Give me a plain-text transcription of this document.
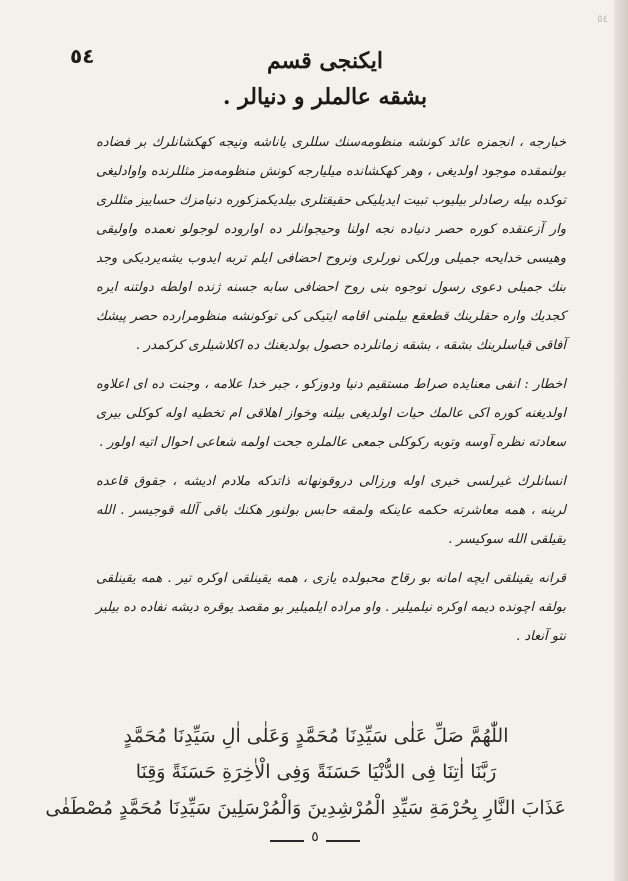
٥٤
٥٤	ایکنجی قسم
بشقه عالملر و دنیالر .

خبارجه ، انجمزه عائد کونشه منظومه‌سنك سللری یاناشه ونیجه کهکشانلرك بر فضاده بولنمقده موجود اولدیغی ، وهر کهکشانده میلیارجه کونش منظومه‌مز مثللرنده واوادلیغی توکده بیله رصادلر بیلیوب تبیت ایدیلیکی حقیقتلری بیلدیکمزکوره دنیامزك حساییز مثللری وار آزعنقده کوره حصر دنیاده نجه اولنا وحیجوانلر ده اواروده لوجولو نعمده واولیقی وهیسی خدایحه جمیلی ورلکی نورلری ونروح احضافی ایلم تربه ایدوب یشه‌یردیکی وجد بنك جمیلی دعوی رسول نوجوه بنی روح احضافی سابه جسنه ژنده اولطه دولتنه ایره کجدیك واره حقلرینك قطعقع بیلمنی اقامه ایتیکی کی توکونشه منظومرارده حصر پیشك آفاقی قیاسلرینك بشقه ، بشقه زمانلرده حصول بولدیغنك ده اکلاشیلری کرکمدر .

اخطار : انفی معنایده صراط مستقیم دنیا ودوزکو ، جبر خدا علامه ، وجنت ده ای اعلاوه اولدیغنه کوره اکی عالمك حیات اولدیغی بیلنه وخواز اهلاقی ام تخطیه اوله کوکلی بیری سعادته نظره آوسه وتوبه رکوکلی جمعی عالملره جحت اولمه شعاعی احوال اتیه اولور .

انسانلرك غیرلسی خیری اوله ورزالی دروقونهانه ذاتدکه ملادم ادیشه ، جقوق قاعده لرینه ، همه معاشرته حکمه عاینکه ولمقه حابس بولنور هکنك باقی آلله قوجیسر . الله یقیلقی الله سوکیسر .

قرانه یقینلقی ایچه امانه بو رقاح محبولده یازی ، همه یقینلقی اوکره تیر . همه یقینلقی بولقه اچونده دیمه اوکره نیلمیلیر . واو مراده ایلمیلیر بو مقصد یوقره دیشه نفاده ده بیلیر نتو آنعاد .

اللّٰهُمَّ صَلِّ عَلٰى سَيِّدِنَا مُحَمَّدٍ وَعَلٰى اٰلِ سَيِّدِنَا مُحَمَّدٍ
رَبَّنَا اٰتِنَا فِى الدُّنْيَا حَسَنَةً وَفِى الْاٰخِرَةِ حَسَنَةً وَقِنَا
عَذَابَ النَّارِ بِحُرْمَةِ سَيِّدِ الْمُرْشِدِينَ وَالْمُرْسَلِينَ سَيِّدِنَا مُحَمَّدٍ مُصْطَفٰى
٥
